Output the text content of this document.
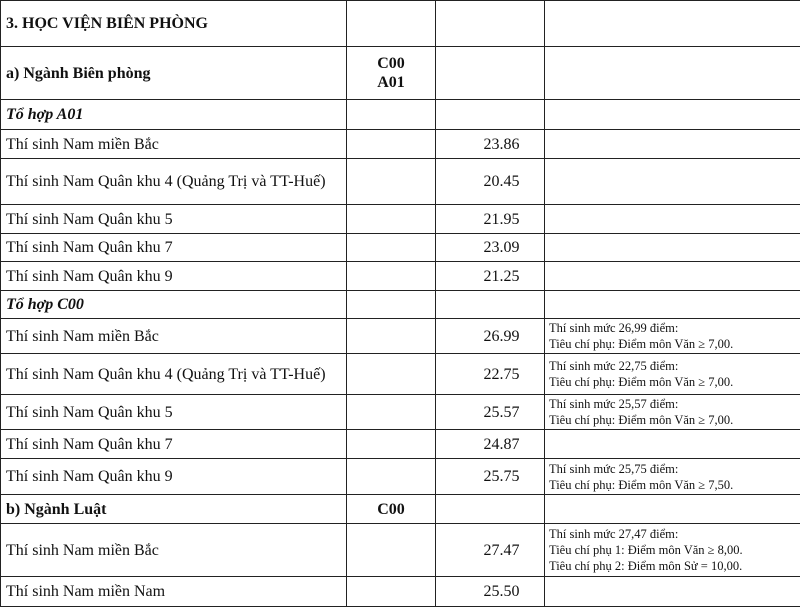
3. HỌC VIỆN BIÊN PHÒNG			
a) Ngành Biên phòng	C00
A01		

Tổ hợp A01			
Thí sinh Nam miền Bắc		23.86	
Thí sinh Nam Quân khu 4 (Quảng Trị và TT-Huế)		20.45	
Thí sinh Nam Quân khu 5		21.95	
Thí sinh Nam Quân khu 7		23.09	
Thí sinh Nam Quân khu 9		21.25	
Tổ hợp C00			
Thí sinh Nam miền Bắc		26.99	Thí sinh mức 26,99 điểm:
Tiêu chí phụ: Điểm môn Văn ≥ 7,00.

Thí sinh Nam Quân khu 4 (Quảng Trị và TT-Huế)		22.75	Thí sinh mức 22,75 điểm:
Tiêu chí phụ: Điểm môn Văn ≥ 7,00.

Thí sinh Nam Quân khu 5		25.57	Thí sinh mức 25,57 điểm:
Tiêu chí phụ: Điểm môn Văn ≥ 7,00.

Thí sinh Nam Quân khu 7		24.87	
Thí sinh Nam Quân khu 9		25.75	Thí sinh mức 25,75 điểm:
Tiêu chí phụ: Điểm môn Văn ≥ 7,50.

b) Ngành Luật	C00		
Thí sinh Nam miền Bắc		27.47	Thí sinh mức 27,47 điểm:
Tiêu chí phụ 1: Điểm môn Văn ≥ 8,00.
Tiêu chí phụ 2: Điểm môn Sử = 10,00.

Thí sinh Nam miền Nam		25.50	
